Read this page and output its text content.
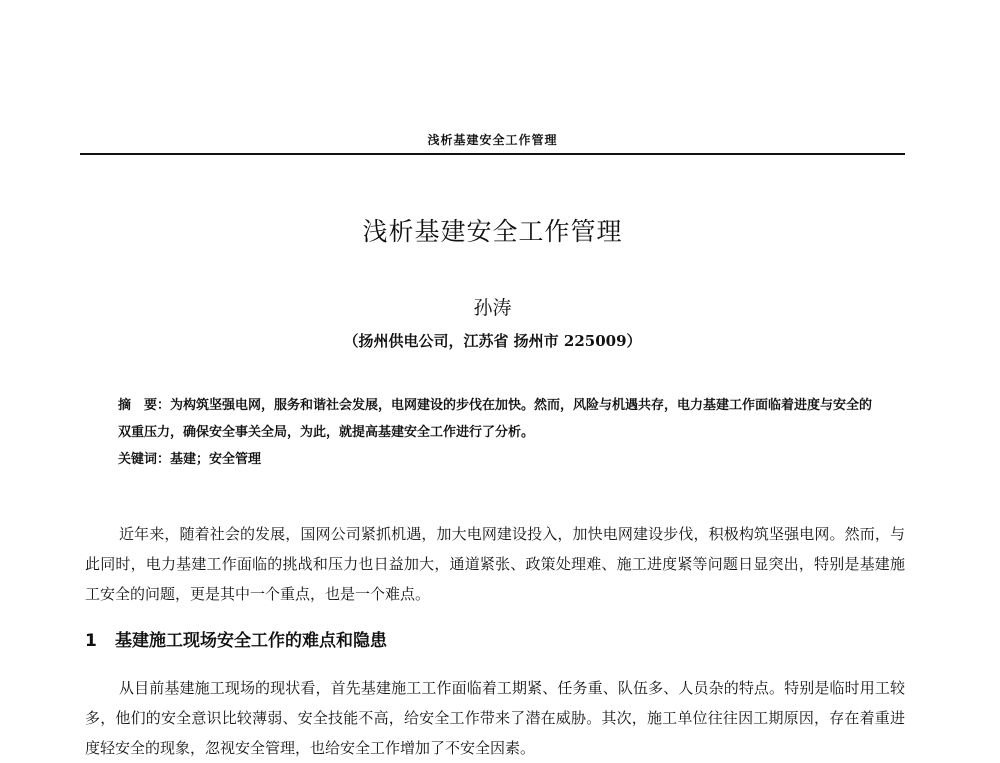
浅析基建安全工作管理
浅析基建安全工作管理
孙涛
（扬州供电公司，江苏省 扬州市 225009）
摘　要：为构筑坚强电网，服务和谐社会发展，电网建设的步伐在加快。然而，风险与机遇共存，电力基建工作面临着进度与安全的双重压力，确保安全事关全局，为此，就提高基建安全工作进行了分析。
关键词：基建；安全管理
近年来，随着社会的发展，国网公司紧抓机遇，加大电网建设投入，加快电网建设步伐，积极构筑坚强电网。然而，与此同时，电力基建工作面临的挑战和压力也日益加大，通道紧张、政策处理难、施工进度紧等问题日显突出，特别是基建施工安全的问题，更是其中一个重点，也是一个难点。
1 基建施工现场安全工作的难点和隐患
从目前基建施工现场的现状看，首先基建施工工作面临着工期紧、任务重、队伍多、人员杂的特点。特别是临时用工较多，他们的安全意识比较薄弱、安全技能不高，给安全工作带来了潜在威胁。其次，施工单位往往因工期原因，存在着重进度轻安全的现象，忽视安全管理，也给安全工作增加了不安全因素。
